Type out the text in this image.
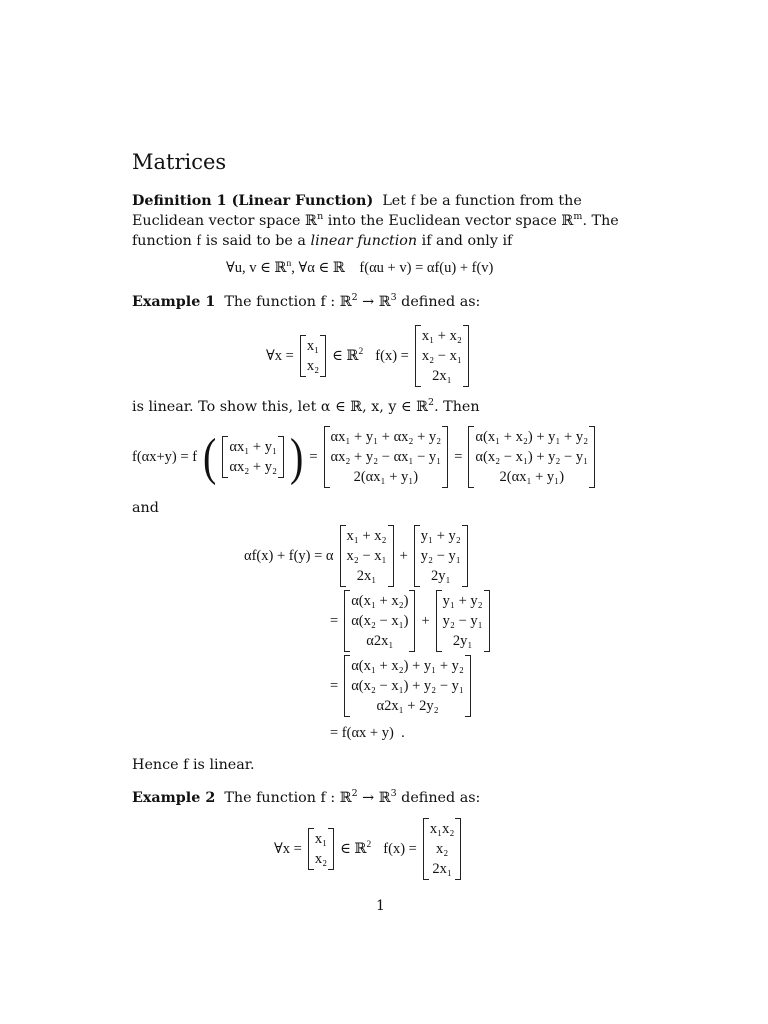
Matrices
Definition 1 (Linear Function) Let f be a function from the Euclidean vector space ℝ$^n$ into the Euclidean vector space ℝ$^m$. The function f is said to be a linear function if and only if
∀u, v ∈ ℝ$^n$, ∀α ∈ ℝ    f(αu + v) = αf(u) + f(v)
Example 1 The function f : ℝ$^2$ → ℝ$^3$ defined as:
∀x =
x₁
x₂
∈ ℝ$^2$ f(x) =
x₁ + x₂
x₂ − x₁
2x₁
is linear. To show this, let α ∈ ℝ, x, y ∈ ℝ$^2$. Then
f(αx+y) = f ( αx₁ + y₁
αx₂ + y₂ ) =
αx₁ + y₁ + αx₂ + y₂
αx₂ + y₂ − αx₁ − y₁
2(αx₁ + y₁)
=
α(x₁ + x₂) + y₁ + y₂
α(x₂ − x₁) + y₂ − y₁
2(αx₁ + y₁)
and
αf(x) + f(y) = α
x₁ + x₂
x₂ − x₁
2x₁
+
y₁ + y₂
y₂ − y₁
2y₁
=
α(x₁ + x₂)
α(x₂ − x₁)
α2x₁
+
y₁ + y₂
y₂ − y₁
2y₁
=
α(x₁ + x₂) + y₁ + y₂
α(x₂ − x₁) + y₂ − y₁
α2x₁ + 2y₂
= f(αx + y)  .
Hence f is linear.
Example 2 The function f : ℝ$^2$ → ℝ$^3$ defined as:
∀x =
x₁
x₂
∈ ℝ$^2$ f(x) =
x₁x₂
x₂
2x₁
1
